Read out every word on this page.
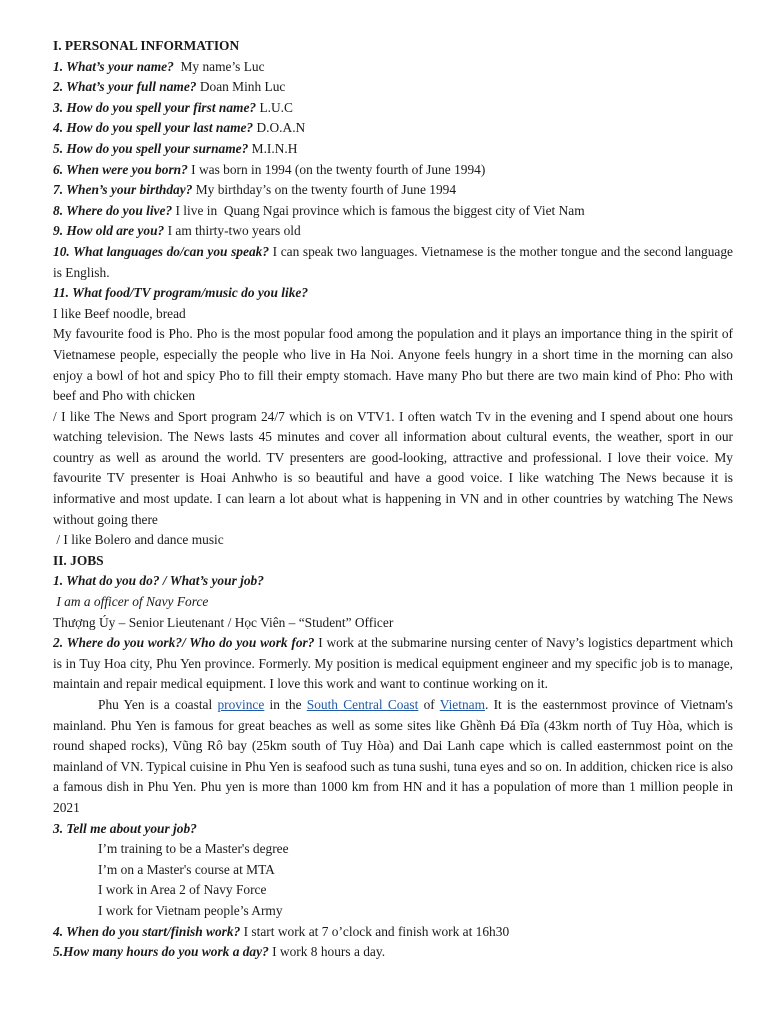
I. PERSONAL INFORMATION

1. What’s your name?  My name’s Luc

2. What’s your full name? Doan Minh Luc

3. How do you spell your first name? L.U.C

4. How do you spell your last name? D.O.A.N

5. How do you spell your surname? M.I.N.H

6. When were you born? I was born in 1994 (on the twenty fourth of June 1994)

7. When’s your birthday? My birthday’s on the twenty fourth of June 1994

8. Where do you live? I live in  Quang Ngai province which is famous the biggest city of Viet Nam

9. How old are you? I am thirty-two years old

10. What languages do/can you speak? I can speak two languages. Vietnamese is the mother tongue and the second language is English.

11. What food/TV program/music do you like?

I like Beef noodle, bread

My favourite food is Pho. Pho is the most popular food among the population and it plays an importance thing in the spirit of Vietnamese people, especially the people who live in Ha Noi. Anyone feels hungry in a short time in the morning can also enjoy a bowl of hot and spicy Pho to fill their empty stomach. Have many Pho but there are two main kind of Pho: Pho with beef and Pho with chicken

/ I like The News and Sport program 24/7 which is on VTV1. I often watch Tv in the evening and I spend about one hours watching television. The News lasts 45 minutes and cover all information about cultural events, the weather, sport in our country as well as around the world. TV presenters are good-looking, attractive and professional. I love their voice. My favourite TV presenter is Hoai Anhwho is so beautiful and have a good voice. I like watching The News because it is informative and most update. I can learn a lot about what is happening in VN and in other countries by watching The News without going there

/ I like Bolero and dance music

II. JOBS

1. What do you do? / What’s your job?

I am a officer of Navy Force

Thượng Úy – Senior Lieutenant / Học Viên – “Student” Officer

2. Where do you work?/ Who do you work for? I work at the submarine nursing center of Navy’s logistics department which is in Tuy Hoa city, Phu Yen province. Formerly. My position is medical equipment engineer and my specific job is to manage, maintain and repair medical equipment. I love this work and want to continue working on it.

Phu Yen is a coastal province in the South Central Coast of Vietnam. It is the easternmost province of Vietnam's mainland. Phu Yen is famous for great beaches as well as some sites like Ghềnh Đá Đĩa (43km north of Tuy Hòa, which is round shaped rocks), Vũng Rô bay (25km south of Tuy Hòa) and Dai Lanh cape which is called easternmost point on the mainland of VN. Typical cuisine in Phu Yen is seafood such as tuna sushi, tuna eyes and so on. In addition, chicken rice is also a famous dish in Phu Yen. Phu yen is more than 1000 km from HN and it has a population of more than 1 million people in 2021

3. Tell me about your job?

I’m training to be a Master's degree

I’m on a Master's course at MTA

I work in Area 2 of Navy Force

I work for Vietnam people’s Army

4. When do you start/finish work? I start work at 7 o’clock and finish work at 16h30

5.How many hours do you work a day? I work 8 hours a day.
